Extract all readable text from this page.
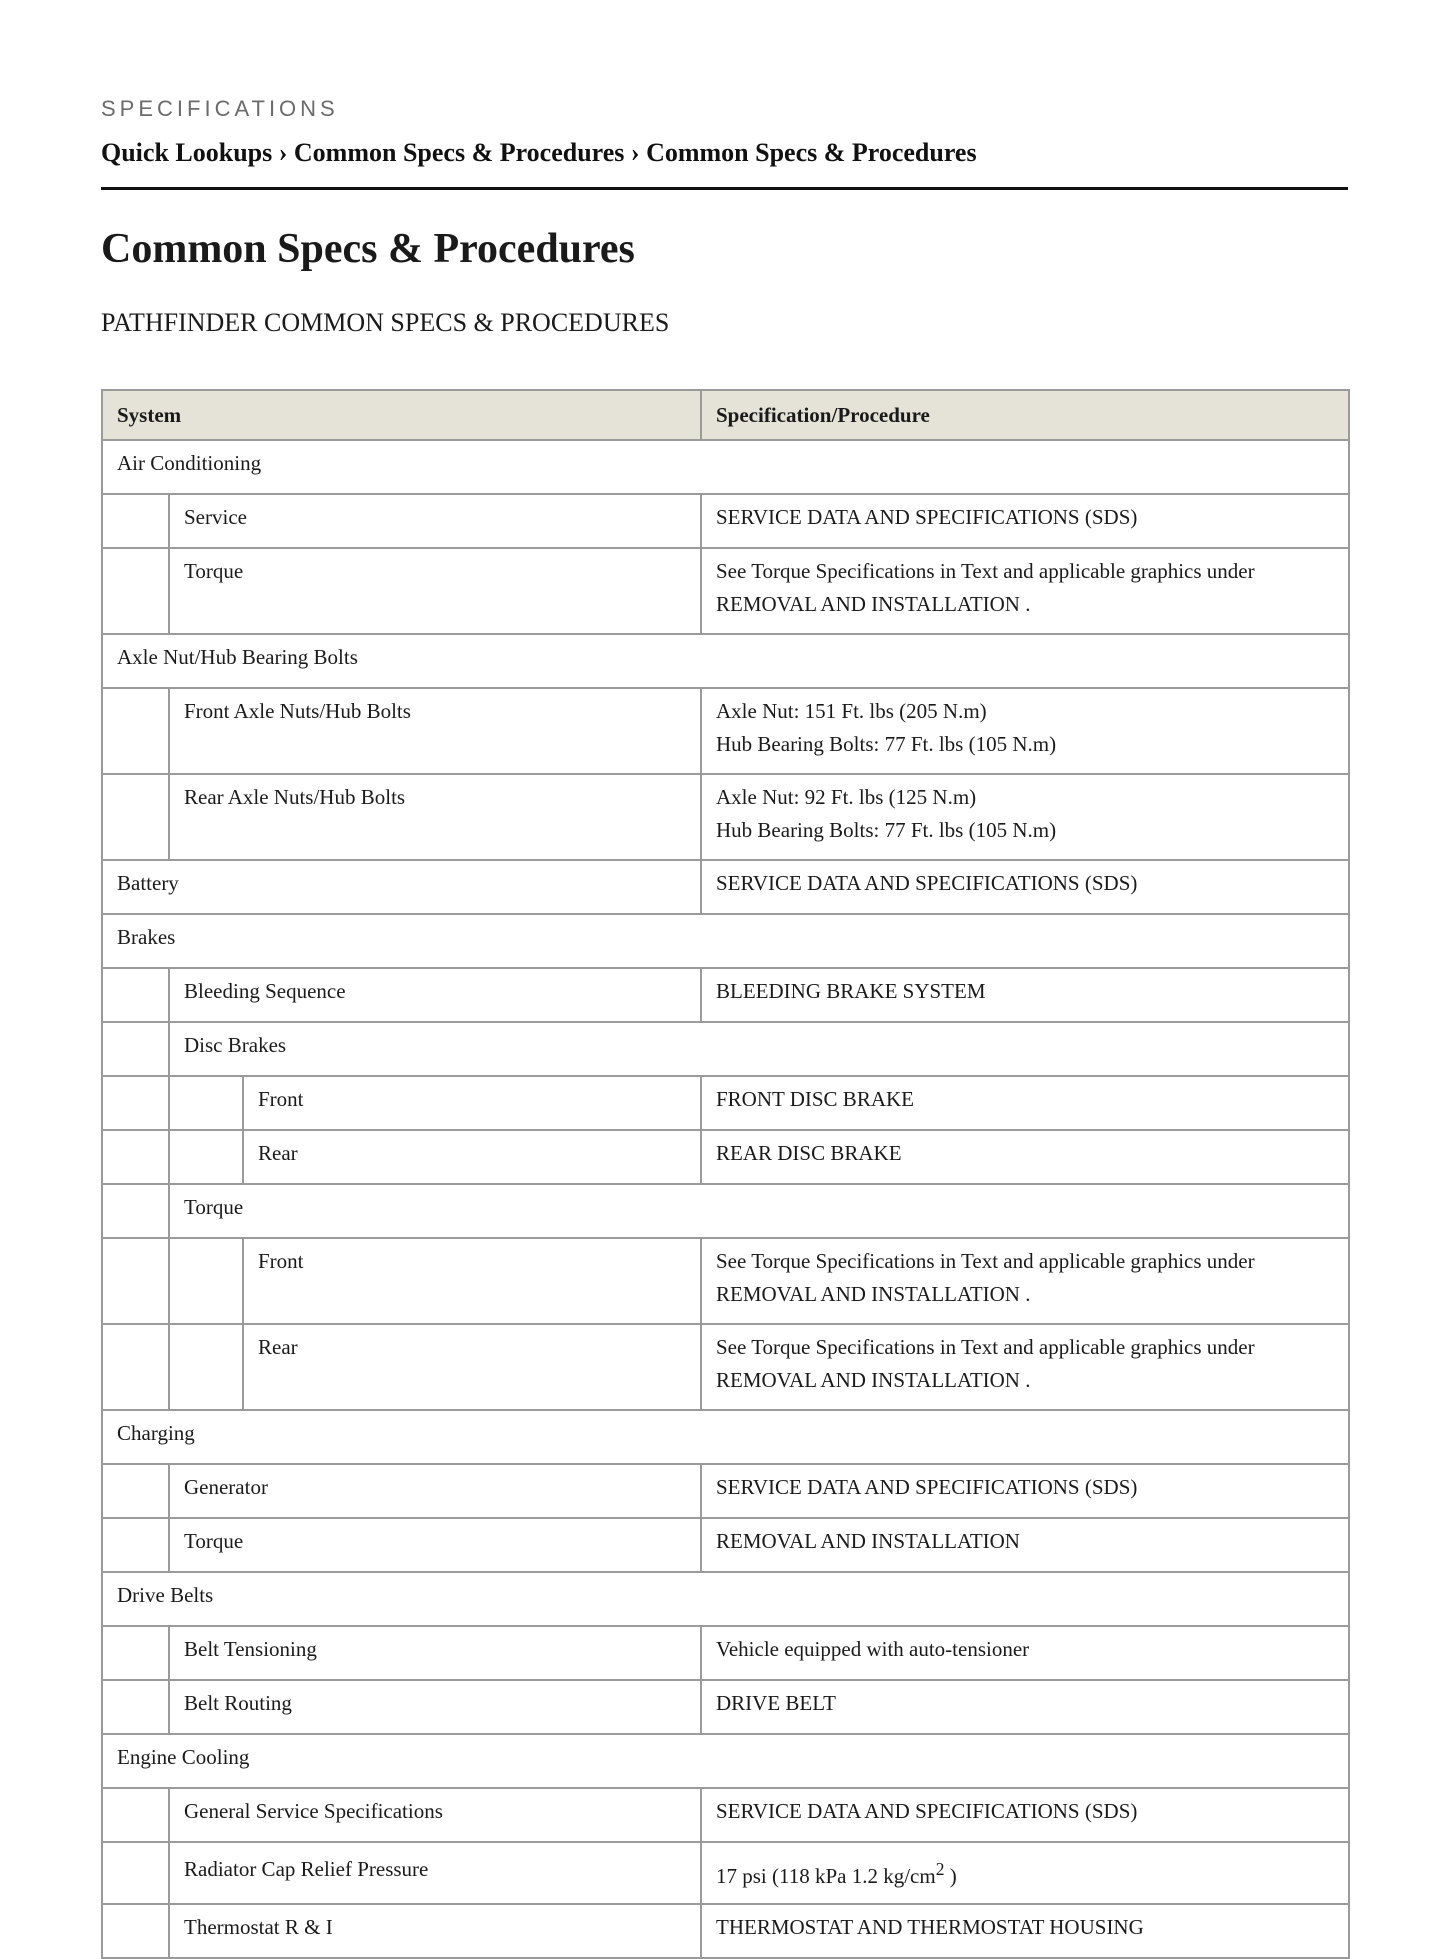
SPECIFICATIONS
Quick Lookups › Common Specs & Procedures › Common Specs & Procedures
Common Specs & Procedures
PATHFINDER COMMON SPECS & PROCEDURES
System			Specification/Procedure
Air Conditioning			
	Service		SERVICE DATA AND SPECIFICATIONS (SDS)
	Torque		See Torque Specifications in Text and applicable graphics under
REMOVAL AND INSTALLATION .
Axle Nut/Hub Bearing Bolts			
	Front Axle Nuts/Hub Bolts		Axle Nut: 151 Ft. lbs (205 N.m)
Hub Bearing Bolts: 77 Ft. lbs (105 N.m)
	Rear Axle Nuts/Hub Bolts		Axle Nut: 92 Ft. lbs (125 N.m)
Hub Bearing Bolts: 77 Ft. lbs (105 N.m)
Battery			SERVICE DATA AND SPECIFICATIONS (SDS)
Brakes			
	Bleeding Sequence		BLEEDING BRAKE SYSTEM
	Disc Brakes		
		Front	FRONT DISC BRAKE
		Rear	REAR DISC BRAKE
	Torque		
		Front	See Torque Specifications in Text and applicable graphics under
REMOVAL AND INSTALLATION .
		Rear	See Torque Specifications in Text and applicable graphics under
REMOVAL AND INSTALLATION .
Charging			
	Generator		SERVICE DATA AND SPECIFICATIONS (SDS)
	Torque		REMOVAL AND INSTALLATION
Drive Belts			
	Belt Tensioning		Vehicle equipped with auto-tensioner
	Belt Routing		DRIVE BELT
Engine Cooling			
	General Service Specifications		SERVICE DATA AND SPECIFICATIONS (SDS)
	Radiator Cap Relief Pressure		17 psi (118 kPa 1.2 $kg/cm^2$ )
	Thermostat R & I		THERMOSTAT AND THERMOSTAT HOUSING
